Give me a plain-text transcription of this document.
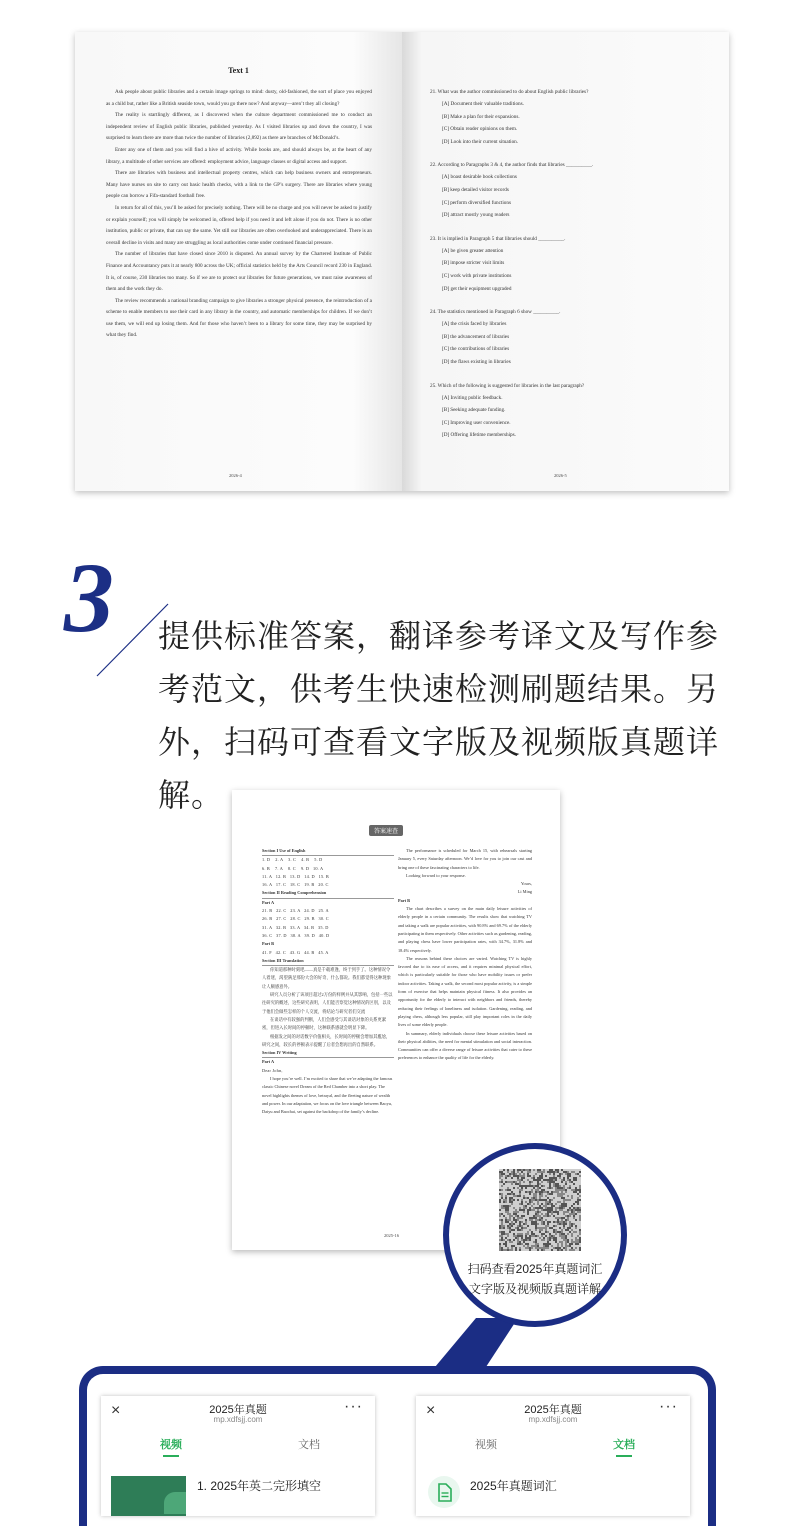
Text 1

Ask people about public libraries and a certain image springs to mind: dusty, old-fashioned, the sort of place you enjoyed as a child but, rather like a British seaside town, would you go there now? And anyway—aren’t they all closing?

The reality is startlingly different, as I discovered when the culture department commissioned me to conduct an independent review of English public libraries, published yesterday. As I visited libraries up and down the country, I was surprised to learn there are more than twice the number of libraries (2,892) as there are branches of McDonald’s.

Enter any one of them and you will find a hive of activity. While books are, and should always be, at the heart of any library, a multitude of other services are offered: employment advice, language classes or digital access and support.

There are libraries with business and intellectual property centres, which can help business owners and entrepreneurs. Many have nurses on site to carry out basic health checks, with a link to the GP’s surgery. There are libraries where young people can borrow a Fifa-standard football free.

In return for all of this, you’ll be asked for precisely nothing. There will be no charge and you will never be asked to justify or explain yourself; you will simply be welcomed in, offered help if you need it and left alone if you do not. There is no other institution, public or private, that can say the same. Yet still our libraries are often overlooked and underappreciated. There is an overall decline in visits and many are struggling as local authorities come under continued financial pressure.

The number of libraries that have closed since 2010 is disputed. An annual survey by the Chartered Institute of Public Finance and Accountancy puts it at nearly 800 across the UK; official statistics held by the Arts Council record 230 in England. It is, of course, 230 libraries too many. So if we are to protect our libraries for future generations, we must raise awareness of them and the work they do.

The review recommends a national branding campaign to give libraries a stronger physical presence, the reintroduction of a scheme to enable members to use their card in any library in the country, and automatic memberships for children. If we don’t use them, we will end up losing them. And for those who haven’t been to a library for some time, they may be surprised by what they find.

2026-4
21. What was the author commissioned to do about English public libraries?
[A] Document their valuable traditions.
[B] Make a plan for their expansions.
[C] Obtain reader opinions on them.
[D] Look into their current situation.
22. According to Paragraphs 3 & 4, the author finds that libraries __________.
[A] boast desirable book collections
[B] keep detailed visitor records
[C] perform diversified functions
[D] attract mostly young readers
23. It is implied in Paragraph 5 that libraries should __________.
[A] be given greater attention
[B] impose stricter visit limits
[C] work with private institutions
[D] get their equipment upgraded
24. The statistics mentioned in Paragraph 6 show __________.
[A] the crisis faced by libraries
[B] the advancement of libraries
[C] the contributions of libraries
[D] the flaws existing in libraries
25. Which of the following is suggested for libraries in the last paragraph?
[A] Inviting public feedback.
[B] Seeking adequate funding.
[C] Improving user convenience.
[D] Offering lifetime memberships.
2026-5
3 提供标准答案，翻译参考译文及写作参考范文，供考生快速检测刷题结果。另外，扫码可查看文字版及视频版真题详解。
答案速查
Section I Use of English
1. D    2. A    3. C    4. B    5. D
6. B    7. A    8. C    9. D   10. A
11. A   12. B   13. D   14. D   15. B
16. A   17. C   18. C   19. B   20. C
Section II Reading Comprehension
Part A
21. B   22. C   23. A   24. D   25. A
26. B   27. C   28. C   29. B   30. C
31. A   32. B   33. A   34. B   35. D
36. C   37. D   38. A   39. D   40. D
Part B
41. F   42. C   43. G   44. B   45. A
Section III Translation
你知道那种时刻吧——真是千载难逢，终于到手了。这种情况令人着迷，渴望满足那份大会的好奇、什么都说。我们都觉得这种现象让人颇感意外。
研究人员分析了该项目超过2万份的样例并从其影响，包括一些以往研究的概述，这些研究表明，人们能否察觉这种情况的区别，以及于他们会做些怎样的个人交流，将结论与研究者们交流
在谈话中有较强的判断，人们会感受与其谈话对象的关系更紧密，但进入长时间的停顿时，这种联系感就会明显下降。
根据发之间的对话数字价值相关，长时间的停顿会增加其尴尬，研究之间，较长的停顿表示提醒了后者会想再出的自然联系。
Section IV Writing
Part A
Dear John,
I hope you’re well. I’m excited to share that we’re adapting the famous classic Chinese novel Dream of the Red Chamber into a short play. The novel highlights themes of love, betrayal, and the fleeting nature of wealth and power. In our adaptation, we focus on the love triangle between Baoyu, Daiyu and Baochai, set against the backdrop of the family’s decline.
The performance is scheduled for March 15, with rehearsals starting January 5, every Saturday afternoon. We’d love for you to join our cast and bring one of these fascinating characters to life.
Looking forward to your response.
Yours,
Li Ming
Part B
The chart describes a survey on the main daily leisure activities of elderly people in a certain community. The results show that watching TV and taking a walk are popular activities, with 90.8% and 69.7% of the elderly participating in them respectively. Other activities such as gardening, reading, and playing chess have lower participation rates, with 34.7%, 31.8% and 18.4% respectively.
The reasons behind these choices are varied. Watching TV is highly favored due to its ease of access, and it requires minimal physical effort, which is particularly suitable for those who have mobility issues or prefer indoor activities. Taking a walk, the second most popular activity, is a simple form of exercise that helps maintain physical fitness. It also provides an opportunity for the elderly to interact with neighbors and friends, thereby reducing their feelings of loneliness and isolation. Gardening, reading, and playing chess, although less popular, still play important roles in the daily lives of some elderly people.
In summary, elderly individuals choose these leisure activities based on their physical abilities, the need for mental stimulation and social interaction. Communities can offer a diverse range of leisure activities that cater to these preferences to enhance the quality of life for the elderly.
2025-16
扫码查看2025年真题词汇
文字版及视频版真题详解
×	2025年真题
mp.xdfsjj.com
···
视频	文档
1. 2025年英二完形填空
×	2025年真题
mp.xdfsjj.com
···
视频	文档
2025年真题词汇
